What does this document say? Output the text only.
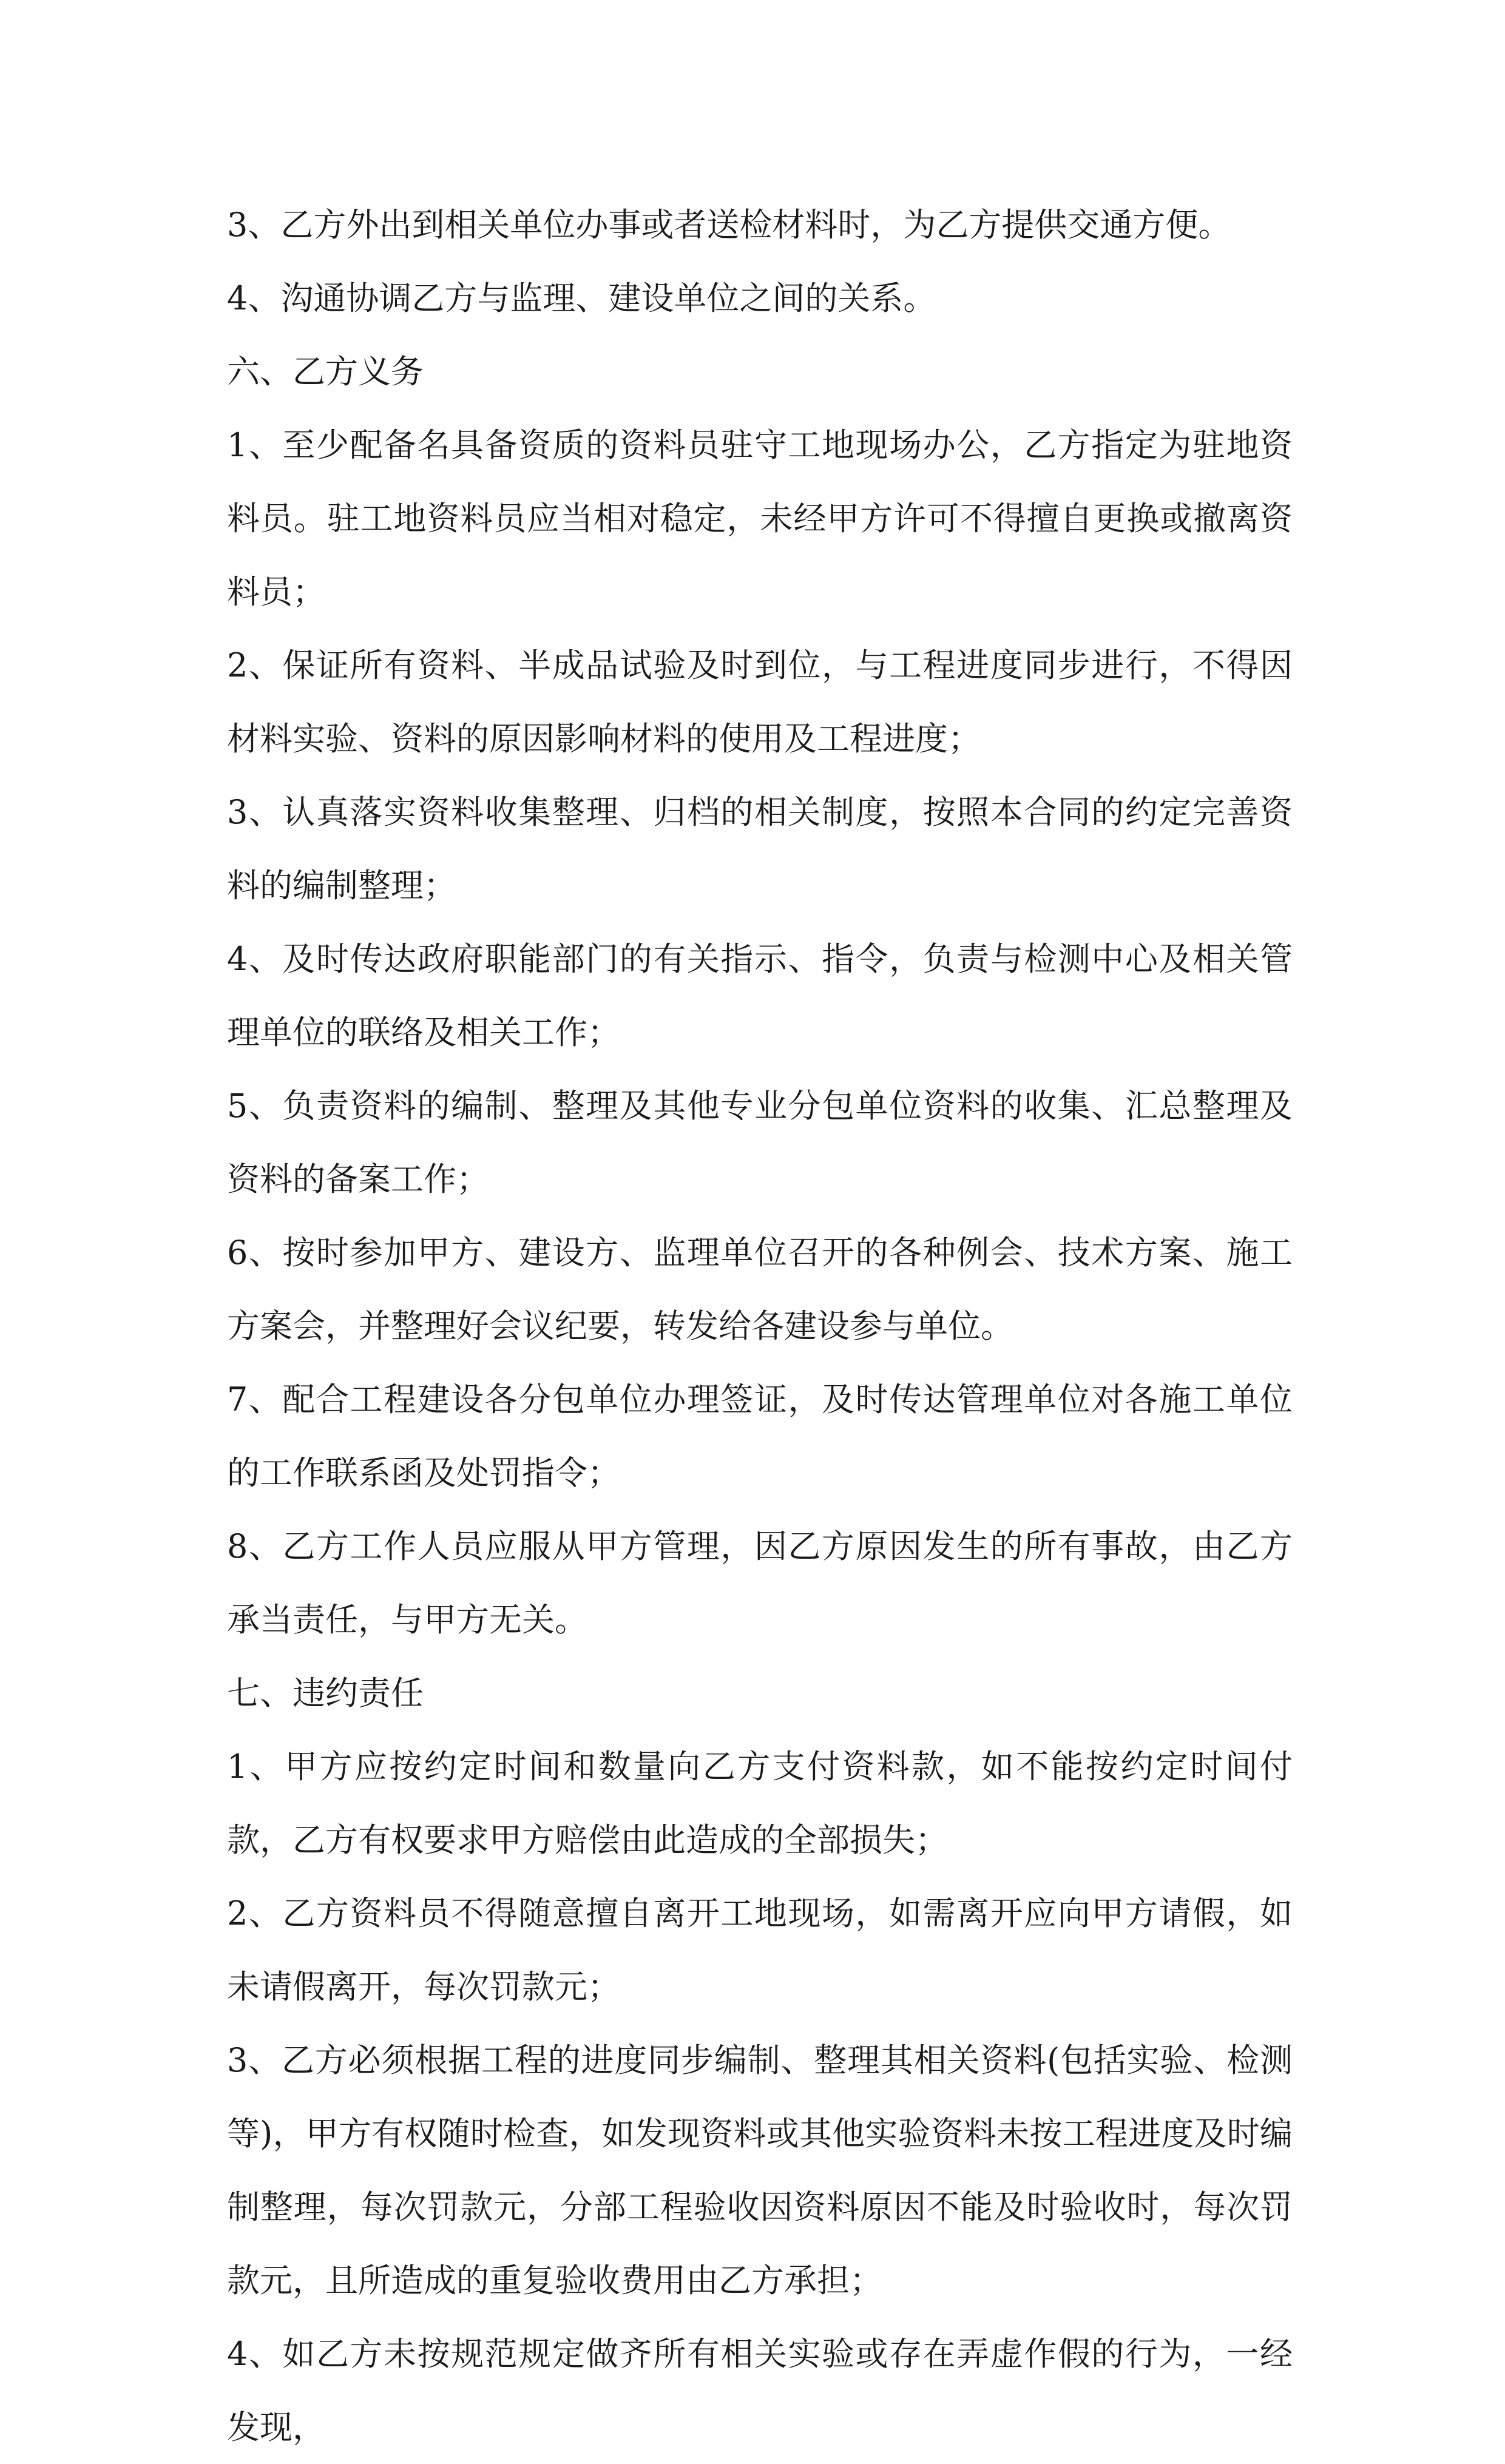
3、乙方外出到相关单位办事或者送检材料时，为乙方提供交通方便。

4、沟通协调乙方与监理、建设单位之间的关系。

六、乙方义务

1、至少配备名具备资质的资料员驻守工地现场办公，乙方指定为驻地资料员。驻工地资料员应当相对稳定，未经甲方许可不得擅自更换或撤离资料员；

2、保证所有资料、半成品试验及时到位，与工程进度同步进行，不得因材料实验、资料的原因影响材料的使用及工程进度；

3、认真落实资料收集整理、归档的相关制度，按照本合同的约定完善资料的编制整理；

4、及时传达政府职能部门的有关指示、指令，负责与检测中心及相关管理单位的联络及相关工作；

5、负责资料的编制、整理及其他专业分包单位资料的收集、汇总整理及资料的备案工作；

6、按时参加甲方、建设方、监理单位召开的各种例会、技术方案、施工方案会，并整理好会议纪要，转发给各建设参与单位。

7、配合工程建设各分包单位办理签证，及时传达管理单位对各施工单位的工作联系函及处罚指令；

8、乙方工作人员应服从甲方管理，因乙方原因发生的所有事故，由乙方承当责任，与甲方无关。

七、违约责任

1、甲方应按约定时间和数量向乙方支付资料款，如不能按约定时间付款，乙方有权要求甲方赔偿由此造成的全部损失；

2、乙方资料员不得随意擅自离开工地现场，如需离开应向甲方请假，如未请假离开，每次罚款元；

3、乙方必须根据工程的进度同步编制、整理其相关资料(包括实验、检测等)，甲方有权随时检查，如发现资料或其他实验资料未按工程进度及时编制整理，每次罚款元，分部工程验收因资料原因不能及时验收时，每次罚款元，且所造成的重复验收费用由乙方承担；

4、如乙方未按规范规定做齐所有相关实验或存在弄虚作假的行为，一经发现，
